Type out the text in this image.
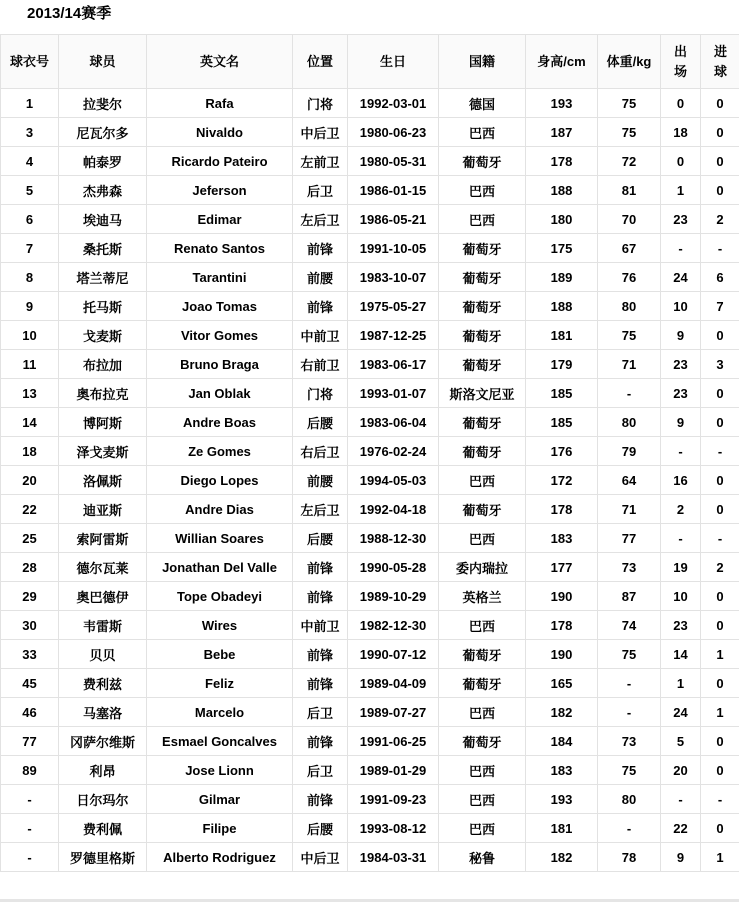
2013/14赛季
球衣号	球员	英文名	位置	生日	国籍	身高/cm	体重/kg	出场	进球
1	拉斐尔	Rafa	门将	1992-03-01	德国	193	75	0	0
3	尼瓦尔多	Nivaldo	中后卫	1980-06-23	巴西	187	75	18	0
4	帕泰罗	Ricardo Pateiro	左前卫	1980-05-31	葡萄牙	178	72	0	0
5	杰弗森	Jeferson	后卫	1986-01-15	巴西	188	81	1	0
6	埃迪马	Edimar	左后卫	1986-05-21	巴西	180	70	23	2
7	桑托斯	Renato Santos	前锋	1991-10-05	葡萄牙	175	67	-	-
8	塔兰蒂尼	Tarantini	前腰	1983-10-07	葡萄牙	189	76	24	6
9	托马斯	Joao Tomas	前锋	1975-05-27	葡萄牙	188	80	10	7
10	戈麦斯	Vitor Gomes	中前卫	1987-12-25	葡萄牙	181	75	9	0
11	布拉加	Bruno Braga	右前卫	1983-06-17	葡萄牙	179	71	23	3
13	奥布拉克	Jan Oblak	门将	1993-01-07	斯洛文尼亚	185	-	23	0
14	博阿斯	Andre Boas	后腰	1983-06-04	葡萄牙	185	80	9	0
18	泽戈麦斯	Ze Gomes	右后卫	1976-02-24	葡萄牙	176	79	-	-
20	洛佩斯	Diego Lopes	前腰	1994-05-03	巴西	172	64	16	0
22	迪亚斯	Andre Dias	左后卫	1992-04-18	葡萄牙	178	71	2	0
25	索阿雷斯	Willian Soares	后腰	1988-12-30	巴西	183	77	-	-
28	德尔瓦莱	Jonathan Del Valle	前锋	1990-05-28	委内瑞拉	177	73	19	2
29	奥巴德伊	Tope Obadeyi	前锋	1989-10-29	英格兰	190	87	10	0
30	韦雷斯	Wires	中前卫	1982-12-30	巴西	178	74	23	0
33	贝贝	Bebe	前锋	1990-07-12	葡萄牙	190	75	14	1
45	费利兹	Feliz	前锋	1989-04-09	葡萄牙	165	-	1	0
46	马塞洛	Marcelo	后卫	1989-07-27	巴西	182	-	24	1
77	冈萨尔维斯	Esmael Goncalves	前锋	1991-06-25	葡萄牙	184	73	5	0
89	利昂	Jose Lionn	后卫	1989-01-29	巴西	183	75	20	0
-	日尔玛尔	Gilmar	前锋	1991-09-23	巴西	193	80	-	-
-	费利佩	Filipe	后腰	1993-08-12	巴西	181	-	22	0
-	罗德里格斯	Alberto Rodriguez	中后卫	1984-03-31	秘鲁	182	78	9	1
